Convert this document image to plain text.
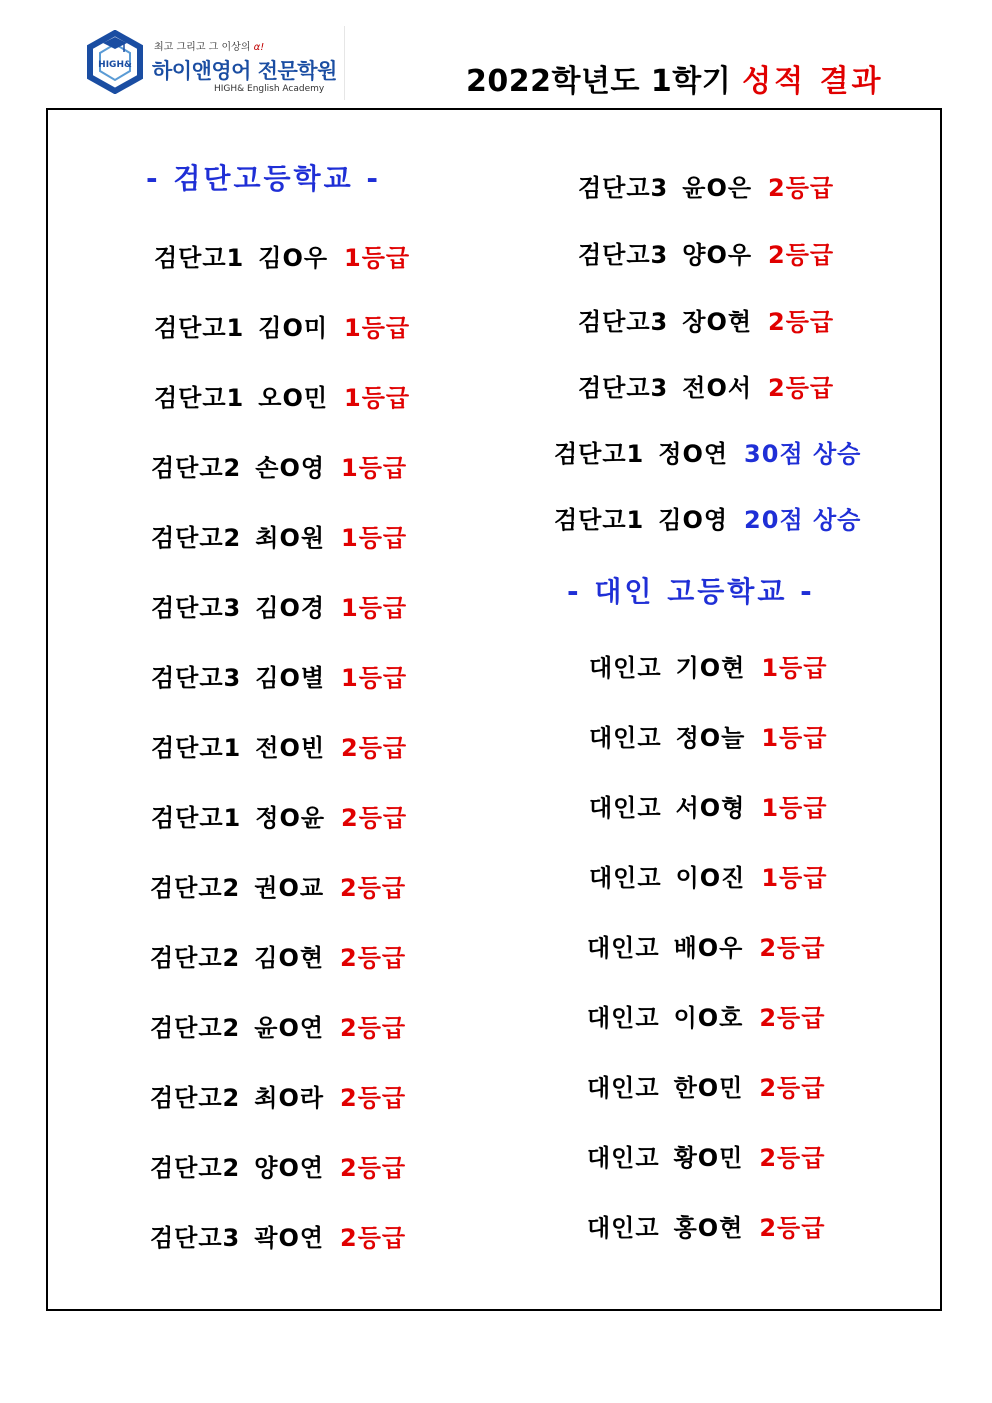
HIGH&
최고 그리고 그 이상의 α!
하이앤영어 전문학원
HIGH& English Academy	2022학년도 1학기 성적 결과
- 검단고등학교 -
검단고1 김O우 1등급
검단고1 김O미 1등급
검단고1 오O민 1등급
검단고2 손O영 1등급
검단고2 최O원 1등급
검단고3 김O경 1등급
검단고3 김O별 1등급
검단고1 전O빈 2등급
검단고1 정O윤 2등급
검단고2 권O교 2등급
검단고2 김O현 2등급
검단고2 윤O연 2등급
검단고2 최O라 2등급
검단고2 양O연 2등급
검단고3 곽O연 2등급
검단고3 윤O은 2등급
검단고3 양O우 2등급
검단고3 장O현 2등급
검단고3 전O서 2등급
검단고1 정O연 30점 상승
검단고1 김O영 20점 상승
- 대인 고등학교 -
대인고 기O현 1등급
대인고 정O늘 1등급
대인고 서O형 1등급
대인고 이O진 1등급
대인고 배O우 2등급
대인고 이O호 2등급
대인고 한O민 2등급
대인고 황O민 2등급
대인고 홍O현 2등급
